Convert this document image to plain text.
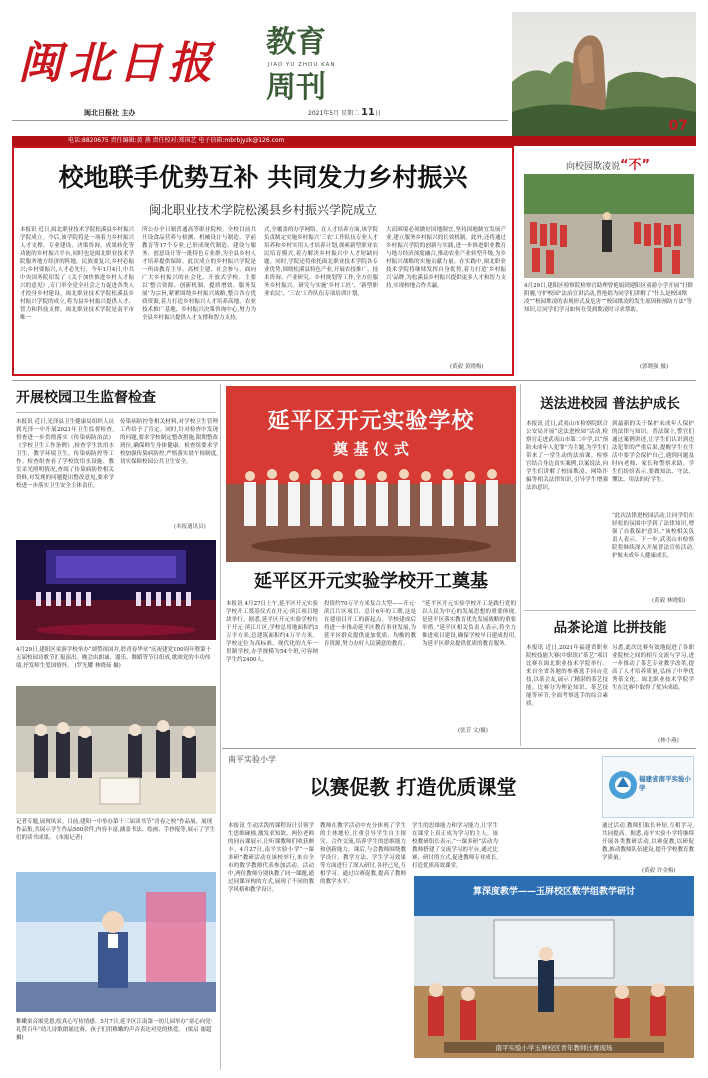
闽北日报
闽北日报社 主办
教育
JIAO YU ZHOU KAN
周刊
2021年5月 星期二 11日
07
电话:8820675 责任编辑:黄 燕 责任校对:郑国艺 电子信箱:mbrbjyzk@126.com
校地联手优势互补 共同发力乡村振兴
闽北职业技术学院松溪县乡村振兴学院成立
本报讯 近日,闽北职业技术学院松溪县乡村振兴学院成立。今后,该学院将是一项着力乡村振兴人才支撑、专业建设、决策咨询、成果转化等功能的乡村振兴平台,同时也是闽北职业技术学院服务地方经济的阵地。民族要复兴,乡村必振兴;乡村要振兴,人才必先行。今年1月4日,中共中央国务院印发了《关于加快推进乡村人才振兴的意见》,专门举全党全社会之力促进各类人才投身乡村建设。闽北职业技术学院松溪县乡村振兴学院的成立,将为县乡村振兴提供人才、智力和科技支撑。闽北职业技术学院是南平市唯一
所公办全日制普通高等职业院校。全校目前共开设食品营养与检测、机械设计与制造、学前教育等17个专业,已形成现代制造、建设与服务、创意设计等一批特色专业群,为全县乡村人才培养提供保障。此次成立的乡村振兴学院是一所由教育主导、高校主建、社会参与、面向广大乡村振兴的社会化、开放式学校。主要以‘整合资源、创新机制、提质增效、服务发展’为宗旨,紧紧围绕乡村振兴战略,整合各方优质资源,着力打造乡村振兴人才培养高地、农业技术推广基地、乡村振兴决策咨询中心,努力为全县乡村振兴提供人才支撑和智力支持。
式,全覆盖的办学网络。在人才培养方面,该学院负责制定实施乡村振兴‘三农’工作队伍专业人才培养和乡村实用人才培养计划,探索新型职业农民培育模式,着力解决乡村振兴中人才短缺问题。同时,学院还将依托闽北职业技术学院各专业优势,围绕松溪县特色产业,开展农技推广、技术咨询、产业研究、乡村规划等工作,全方位服务乡村振兴。研究与实施‘乡村工匠’、‘新型职业农民’、‘三农’工作队伍专项培训计划。
大而困境必须做好因地制宜,坚持因地制宜发展产业,建立服务乡村振兴的长效机制。此外,还将通过乡村振兴学院的创新与实践,进一步推进职业教育与地方经济深度融合,推动农业产业转型升级,为乡村振兴战略的实施贡献力量。在实践中,闽北职业技术学院将继续发挥自身优势,着力打造‘乡村振兴’品牌,为松溪县乡村振兴提供更多人才和智力支持,实现校地合作共赢。
(黄毅 黄晓梅)
向校园欺凌说“不”
4月29日,建阳区检察院检察官助理曾艳娟到建阳区童游小学开展“扫除阴霾,守护校园”法治宣讲活动,曾艳娟为同学们讲解了“什么是校园欺凌”“校园欺凌的表现形式及危害”“校园欺凌的发生原因和预防方法”等知识,让同学们学习如何在受到欺凌时寻求帮助。
(郭晓强 摄)
开展校园卫生监督检查
本报讯 近日,光泽县卫生健康局组织人员到光泽一中开展2021年卫生监督检查,督查进一步贯彻落实《传染病防治法》《学校卫生工作条例》,检查学生饮用水卫生、教学环境卫生、传染病防控等工作。检查组查看了学校饮用水设施、教室采光照明情况,查阅了传染病防控相关资料,对发现的问题提出整改意见,要求学校进一步落实卫生安全主体责任。
传染病防控等相关材料,对学校卫生管理工作给予了肯定。同时,针对检查中发现的问题,要求学校制定整改措施,限期整改到位,确保师生身体健康。检查组要求学校加强传染病防控,严格落实晨午检制度,切实保障校园公共卫生安全。
(本报通讯员)
4月29日,建阳区童游学校举办“颂赞祖国并,聆青春华章”庆祝建党100周年暨第十五届校园诗歌节汇报演出。晚会由朗诵、器乐、舞蹈等节目组成,歌颂党的丰功伟绩,抒发师生爱国情怀。 (罗光耀 林晓茹 摄)
记者专题,展现风采。日前,建阳一中举办第十三届读书节“青春之校”作品展。展现作品集,共展示学生作品500余件,内容丰富,涵盖书法、绘画、手抄报等,展示了学生们的读书成果。 (本报记者)
稚嫩童音颂党恩,绘真心写传情感。5月7日,延平区江南第一幼儿园举办“童心向党·礼赞百年”幼儿诗歌朗诵比赛。孩子们用稚嫩的声音表达对党的热爱。 (梁启 谢超 摄)
延平区开元实验学校
奠 基 仪 式
延平区开元实验学校开工奠基
本报讯 4月27日上午,延平区开元实验学校开工奠基仪式在开元·滨江项目地块举行。据悉,延平区开元实验学校位于开元·滨江片区,学校总用地面积约3万平方米,总建筑面积约4万平方米。学校定位为高标准、现代化的九年一贯制学校,办学规模为54个班,可容纳学生约2400人。
投资约70万平方米复合大型——开元·滨江片区项目、总计6年的工期,这是在建项目开工的新起点。学校建成后将进一步推动延平区教育事业发展,为延平区群众提供更加优质、均衡的教育资源,努力办好人民满意的教育。
“延平区开元实验学校开工是践行党的以人民为中心的发展思想的重要体现,是延平区落实教育优先发展战略的重要举措。”延平区相关负责人表示,将全力推进项目建设,确保学校早日建成投用,为延平区群众提供优质的教育服务。
(张芳 文/摄)
送法进校园 普法护成长
本报讯 近日,武夷山市检察院联合公安局开展“送法进校园”活动,检察官走进武夷山市第二中学,以“预防未成年人犯罪”为主题,为学生们带来了一堂生动的法治课。检察官结合身边真实案例,以案说法,向学生们讲解了校园欺凌、网络诈骗等相关法律知识,引导学生增强法治意识。
到最新的关于保护未成年人保护的法律与知识。普法课上,警官们通过案例讲述,让学生们认识到违法犯罪的严重后果,提醒学生在生活中要学会保护自己,遇到问题及时向老师、家长和警察求助。学生们纷纷表示,要做知法、守法、懂法、用法的好学生。
“此次法律进校园活动,让同学们在轻松的氛围中学到了法律知识,增强了自我保护意识。”该校相关负责人表示。下一步,武夷山市检察院将继续深入开展普法宣传活动,护航未成年人健康成长。
(黄毅 林晓娟)
品茶论道 比拼技能
本报讯 近日,2021年福建省职业院校技能大赛(中职组)“茶艺”项目比赛在闽北职业技术学院举行。来自全省各地的参赛选手同台竞技,以茶会友,展示了精湛的茶艺技能。比赛分为理论知识、茶艺技能等环节,全面考察选手的综合素质。
另悉,此次比赛有效地促进了各职业院校之间的相互交流与学习,进一步推动了茶艺专业教学改革,提高了人才培养质量,弘扬了中华优秀茶文化。闽北职业技术学院学生在比赛中取得了优异成绩。
(林小燕)
南平实验小学
以赛促教 打造优质课堂	福建省南平实验小学
本报讯 生动活泼的课程设计引领学生思维碰撞,激发求知欲。两位老师的同台课展示,让听课教师们收获颇丰。4月27日,南平实验小学“一课多研”教研活动在该校举行,来自全市的数学教师代表参加活动。活动中,两位教师分别执教了同一课题,通过同课异构的方式,展现了不同的教学风格和教学设计。
教师在教学活动中充分体现了学生的主体地位,注重引导学生自主探究、合作交流,培养学生的思维能力和创新能力。课后,与会教师围绕教学设计、教学方法、学生学习效果等方面进行了深入研讨,各抒己见,互相学习。通过以赛促教,提高了教师的教学水平。
学生的思维能力和学习能力,让学生在课堂上真正成为学习的主人。该校教研组长表示,“一课多研”活动为教师搭建了交流学习的平台,通过比赛、研讨的方式,促进教师专业成长,打造优质高效课堂。
通过活动,教师们取长补短,互相学习,共同提高。据悉,南平实验小学将继续开展各类教研活动,以赛促教,以研促教,推动教师队伍建设,提升学校教育教学质量。
(黄毅 许金梅)
算深度教学——玉屏校区数学组教学研讨
南平实验小学玉屏校区青年教师比赛现场
